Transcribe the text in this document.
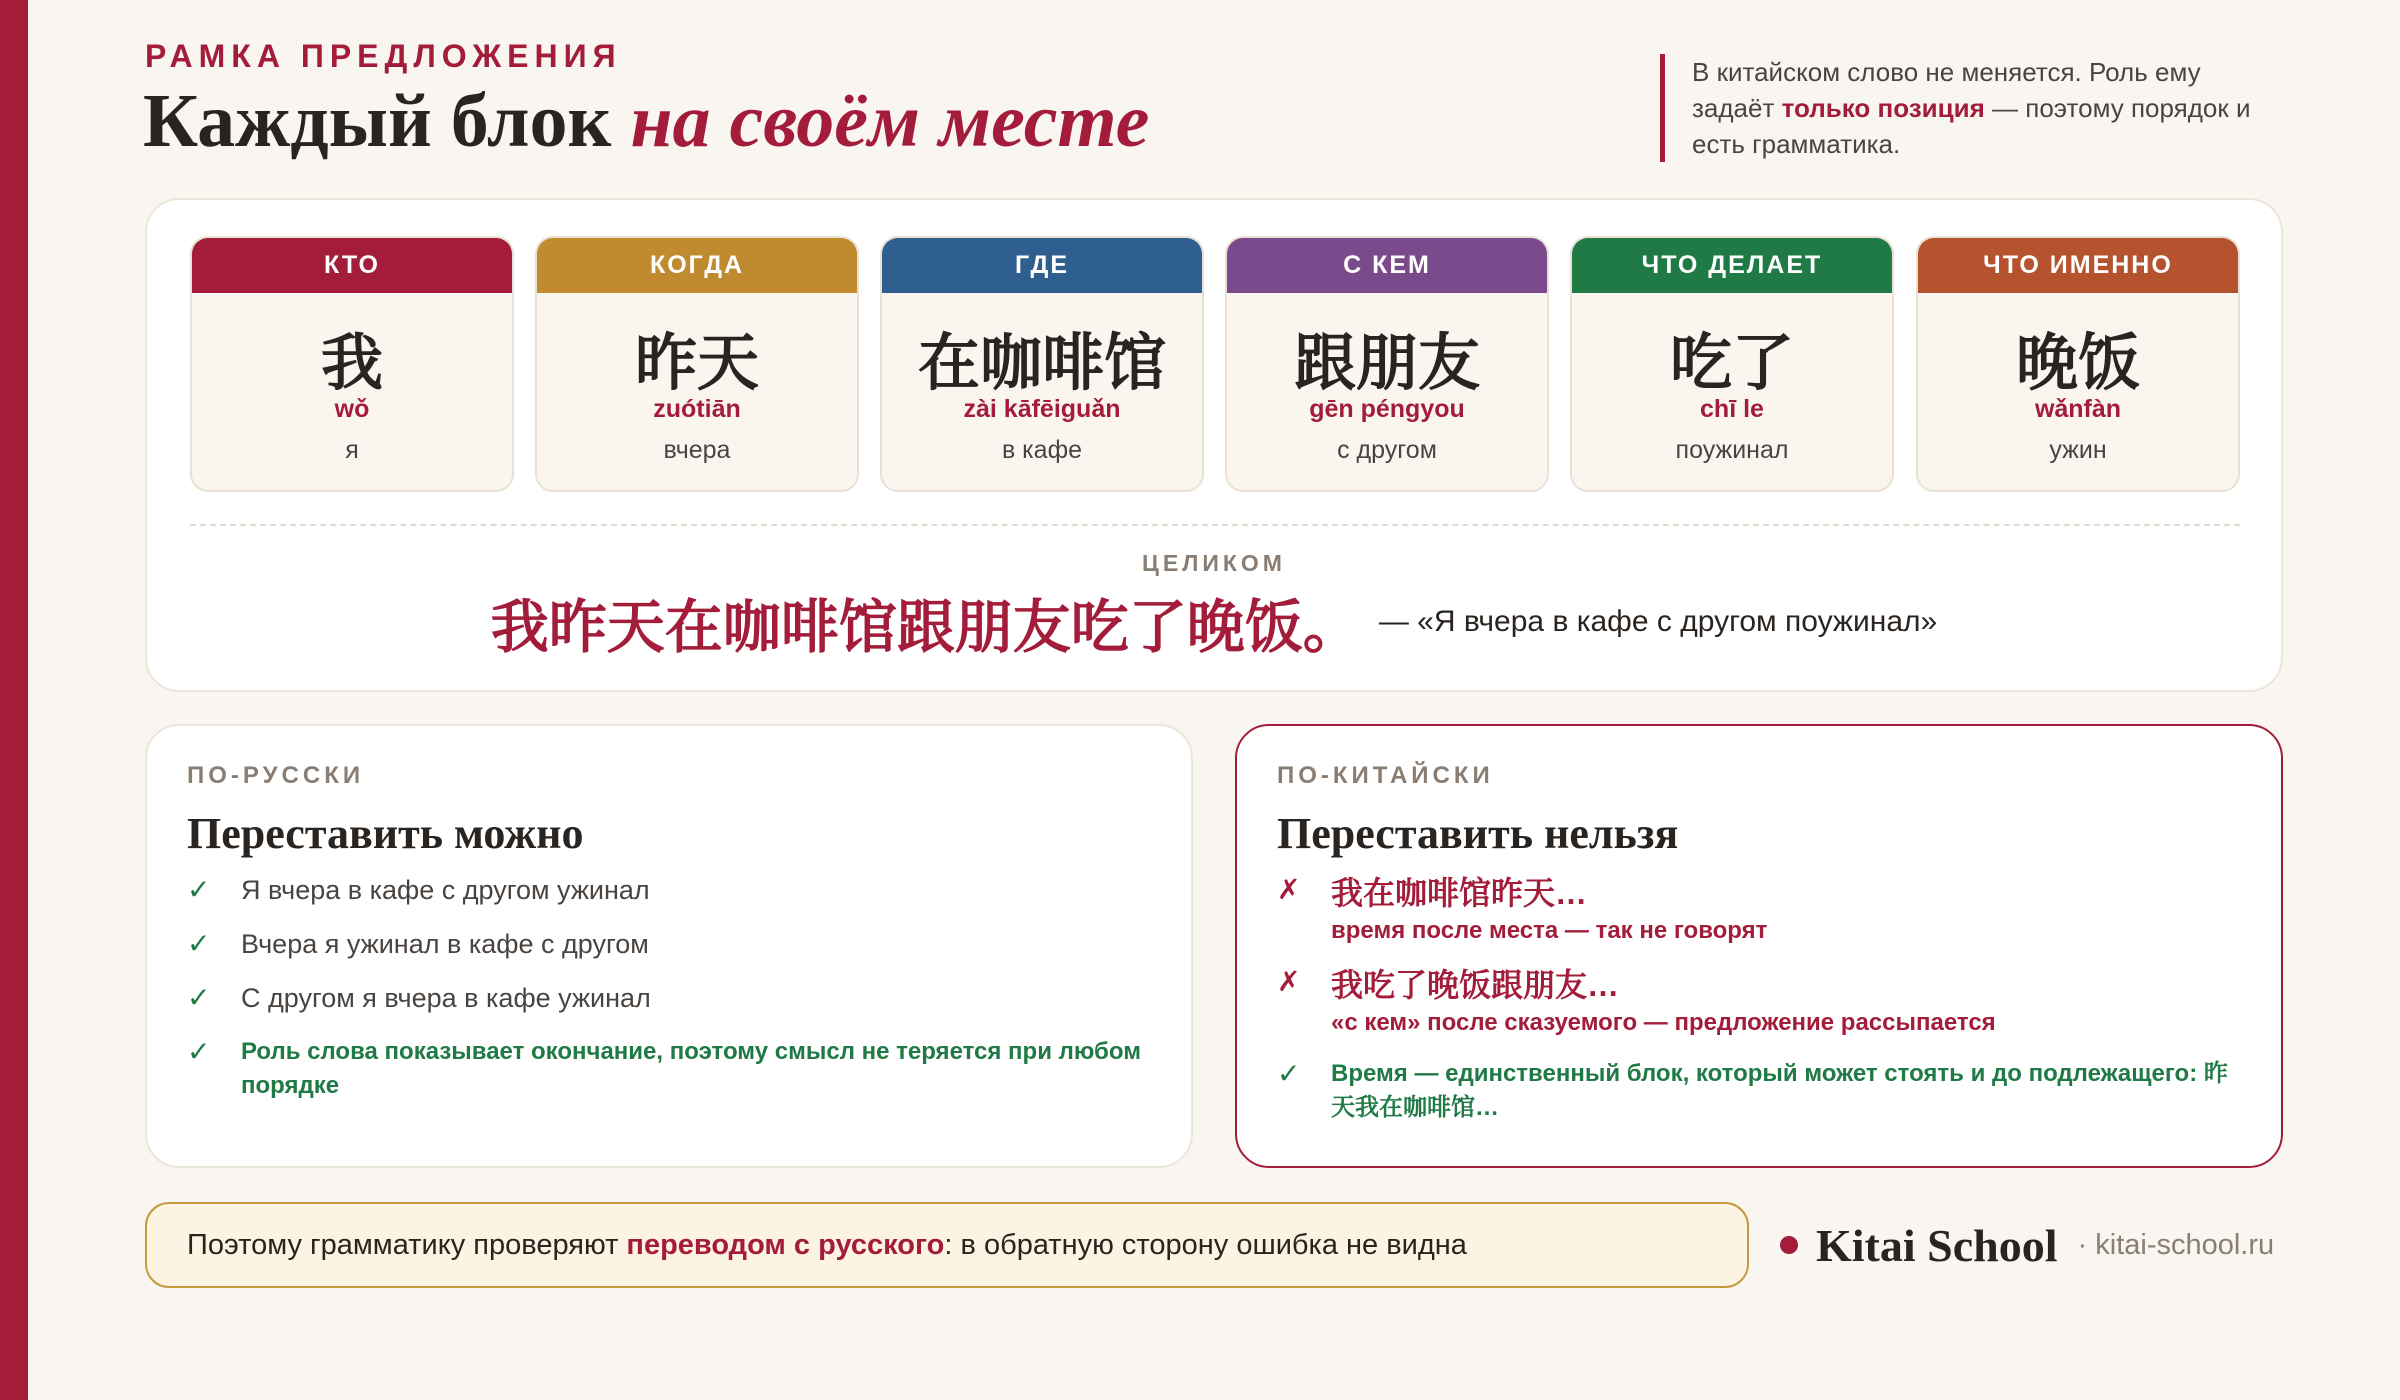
РАМКА ПРЕДЛОЖЕНИЯ
Каждый блок на своём месте
В китайском слово не меняется. Роль ему задаёт только позиция — поэтому порядок и есть грамматика.
КТО
我
wǒ
я
КОГДА
昨天
zuótiān
вчера
ГДЕ
在咖啡馆
zài kāfēiguǎn
в кафе
С КЕМ
跟朋友
gēn péngyou
с другом
ЧТО ДЕЛАЕТ
吃了
chī le
поужинал
ЧТО ИМЕННО
晚饭
wǎnfàn
ужин
ЦЕЛИКОМ
我昨天在咖啡馆跟朋友吃了晚饭。 — «Я вчера в кафе с другом поужинал»
ПО-РУССКИ
Переставить можно
✓	Я вчера в кафе с другом ужинал
✓	Вчера я ужинал в кафе с другом
✓	С другом я вчера в кафе ужинал
✓	Роль слова показывает окончание, поэтому смысл не теряется при любом порядке
ПО-КИТАЙСКИ
Переставить нельзя
✗ 我在咖啡馆昨天…
время после места — так не говорят
✗ 我吃了晚饭跟朋友…
«с кем» после сказуемого — предложение рассыпается
✓	Время — единственный блок, который может стоять и до подлежащего: 昨天我在咖啡馆…
Поэтому грамматику проверяют переводом с русского: в обратную сторону ошибка не видна	Kitai School · kitai-school.ru
